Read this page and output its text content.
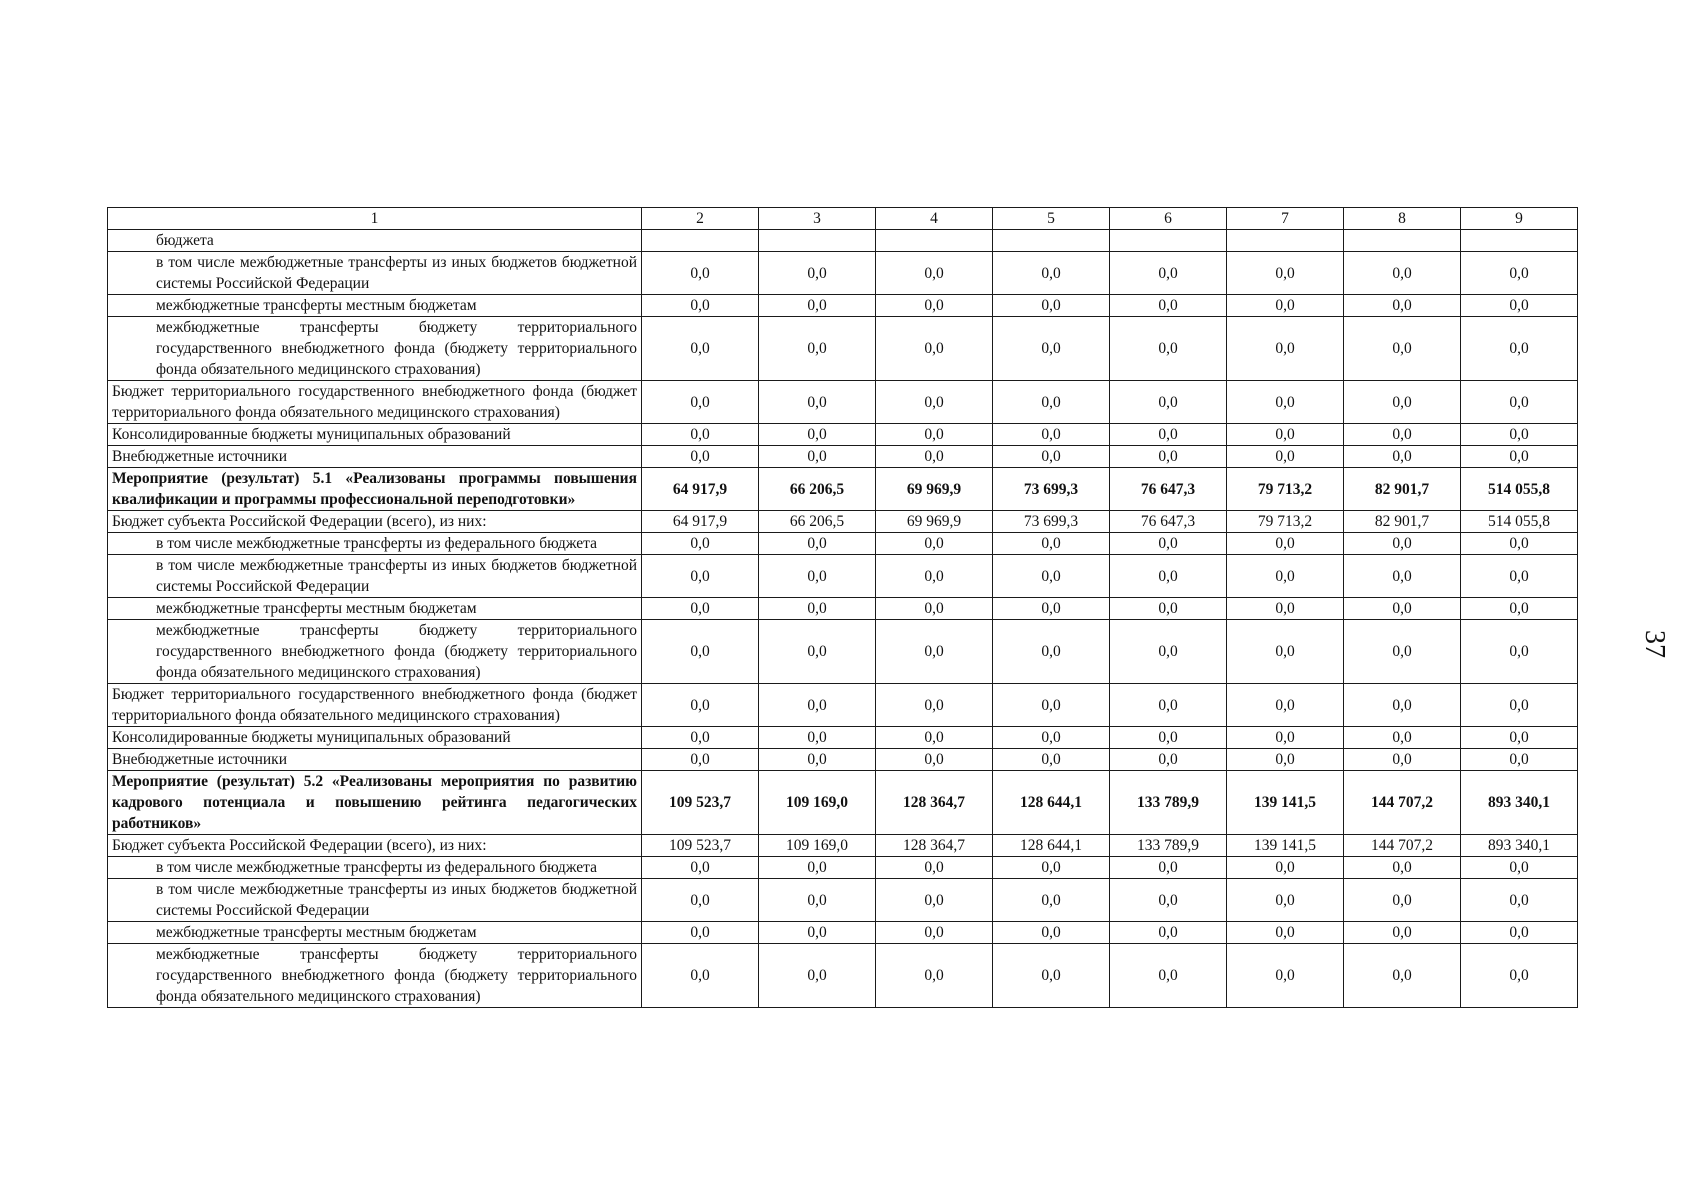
1	2	3	4	5	6	7	8	9
бюджета								
в том числе межбюджетные трансферты из иных бюджетов бюджетной системы Российской Федерации	0,0	0,0	0,0	0,0	0,0	0,0	0,0	0,0
межбюджетные трансферты местным бюджетам	0,0	0,0	0,0	0,0	0,0	0,0	0,0	0,0
межбюджетные трансферты бюджету территориального государственного внебюджетного фонда (бюджету территориального фонда обязательного медицинского страхования)	0,0	0,0	0,0	0,0	0,0	0,0	0,0	0,0
Бюджет территориального государственного внебюджетного фонда (бюджет территориального фонда обязательного медицинского страхования)	0,0	0,0	0,0	0,0	0,0	0,0	0,0	0,0
Консолидированные бюджеты муниципальных образований	0,0	0,0	0,0	0,0	0,0	0,0	0,0	0,0
Внебюджетные источники	0,0	0,0	0,0	0,0	0,0	0,0	0,0	0,0
Мероприятие (результат) 5.1 «Реализованы программы повышения квалификации и программы профессиональной переподготовки»	64 917,9	66 206,5	69 969,9	73 699,3	76 647,3	79 713,2	82 901,7	514 055,8
Бюджет субъекта Российской Федерации (всего), из них:	64 917,9	66 206,5	69 969,9	73 699,3	76 647,3	79 713,2	82 901,7	514 055,8
в том числе межбюджетные трансферты из федерального бюджета	0,0	0,0	0,0	0,0	0,0	0,0	0,0	0,0
в том числе межбюджетные трансферты из иных бюджетов бюджетной системы Российской Федерации	0,0	0,0	0,0	0,0	0,0	0,0	0,0	0,0
межбюджетные трансферты местным бюджетам	0,0	0,0	0,0	0,0	0,0	0,0	0,0	0,0
межбюджетные трансферты бюджету территориального государственного внебюджетного фонда (бюджету территориального фонда обязательного медицинского страхования)	0,0	0,0	0,0	0,0	0,0	0,0	0,0	0,0
Бюджет территориального государственного внебюджетного фонда (бюджет территориального фонда обязательного медицинского страхования)	0,0	0,0	0,0	0,0	0,0	0,0	0,0	0,0
Консолидированные бюджеты муниципальных образований	0,0	0,0	0,0	0,0	0,0	0,0	0,0	0,0
Внебюджетные источники	0,0	0,0	0,0	0,0	0,0	0,0	0,0	0,0
Мероприятие (результат) 5.2 «Реализованы мероприятия по развитию кадрового потенциала и повышению рейтинга педагогических работников»	109 523,7	109 169,0	128 364,7	128 644,1	133 789,9	139 141,5	144 707,2	893 340,1
Бюджет субъекта Российской Федерации (всего), из них:	109 523,7	109 169,0	128 364,7	128 644,1	133 789,9	139 141,5	144 707,2	893 340,1
в том числе межбюджетные трансферты из федерального бюджета	0,0	0,0	0,0	0,0	0,0	0,0	0,0	0,0
в том числе межбюджетные трансферты из иных бюджетов бюджетной системы Российской Федерации	0,0	0,0	0,0	0,0	0,0	0,0	0,0	0,0
межбюджетные трансферты местным бюджетам	0,0	0,0	0,0	0,0	0,0	0,0	0,0	0,0
межбюджетные трансферты бюджету территориального государственного внебюджетного фонда (бюджету территориального фонда обязательного медицинского страхования)	0,0	0,0	0,0	0,0	0,0	0,0	0,0	0,0
37
